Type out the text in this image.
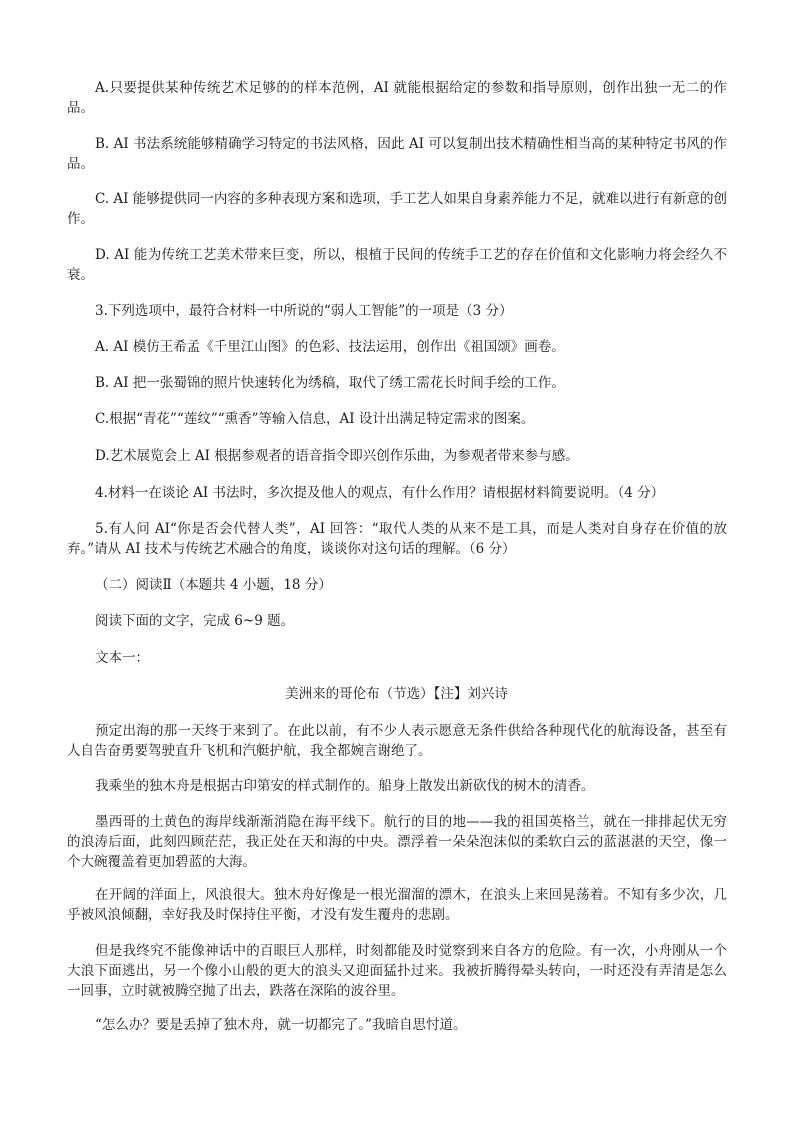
A.只要提供某种传统艺术足够的的样本范例，AI 就能根据给定的参数和指导原则，创作出独一无二的作品。

B. AI 书法系统能够精确学习特定的书法风格，因此 AI 可以复制出技术精确性相当高的某种特定书风的作品。

C. AI 能够提供同一内容的多种表现方案和选项，手工艺人如果自身素养能力不足，就难以进行有新意的创作。

D. AI 能为传统工艺美术带来巨变，所以，根植于民间的传统手工艺的存在价值和文化影响力将会经久不衰。

3.下列选项中，最符合材料一中所说的“弱人工智能”的一项是（3 分）

A. AI 模仿王希孟《千里江山图》的色彩、技法运用，创作出《祖国颂》画卷。

B. AI 把一张蜀锦的照片快速转化为绣稿，取代了绣工需花长时间手绘的工作。

C.根据“青花”“莲纹”“熏香”等输入信息，AI 设计出满足特定需求的图案。

D.艺术展览会上 AI 根据参观者的语音指令即兴创作乐曲，为参观者带来参与感。

4.材料一在谈论 AI 书法时，多次提及他人的观点，有什么作用？请根据材料简要说明。（4 分）

5.有人问 AI“你是否会代替人类”，AI 回答：“取代人类的从来不是工具，而是人类对自身存在价值的放弃。”请从 AI 技术与传统艺术融合的角度，谈谈你对这句话的理解。（6 分）

（二）阅读Ⅱ（本题共 4 小题，18 分）

阅读下面的文字，完成 6~9 题。

文本一：

美洲来的哥伦布（节选）【注】刘兴诗

预定出海的那一天终于来到了。在此以前，有不少人表示愿意无条件供给各种现代化的航海设备，甚至有人自告奋勇要驾驶直升飞机和汽艇护航，我全都婉言谢绝了。

我乘坐的独木舟是根据古印第安的样式制作的。船身上散发出新砍伐的树木的清香。

墨西哥的土黄色的海岸线渐渐消隐在海平线下。航行的目的地——我的祖国英格兰，就在一排排起伏无穷的浪涛后面，此刻四顾茫茫，我正处在天和海的中央。漂浮着一朵朵泡沫似的柔软白云的蓝湛湛的天空，像一个大碗覆盖着更加碧蓝的大海。

在开阔的洋面上，风浪很大。独木舟好像是一根光溜溜的漂木，在浪头上来回晃荡着。不知有多少次，几乎被风浪倾翻，幸好我及时保持住平衡，才没有发生覆舟的悲剧。

但是我终究不能像神话中的百眼巨人那样，时刻都能及时觉察到来自各方的危险。有一次，小舟刚从一个大浪下面逃出，另一个像小山般的更大的浪头又迎面猛扑过来。我被折腾得晕头转向，一时还没有弄清是怎么一回事，立时就被腾空抛了出去，跌落在深陷的波谷里。

“怎么办？要是丢掉了独木舟，就一切都完了。”我暗自思忖道。
